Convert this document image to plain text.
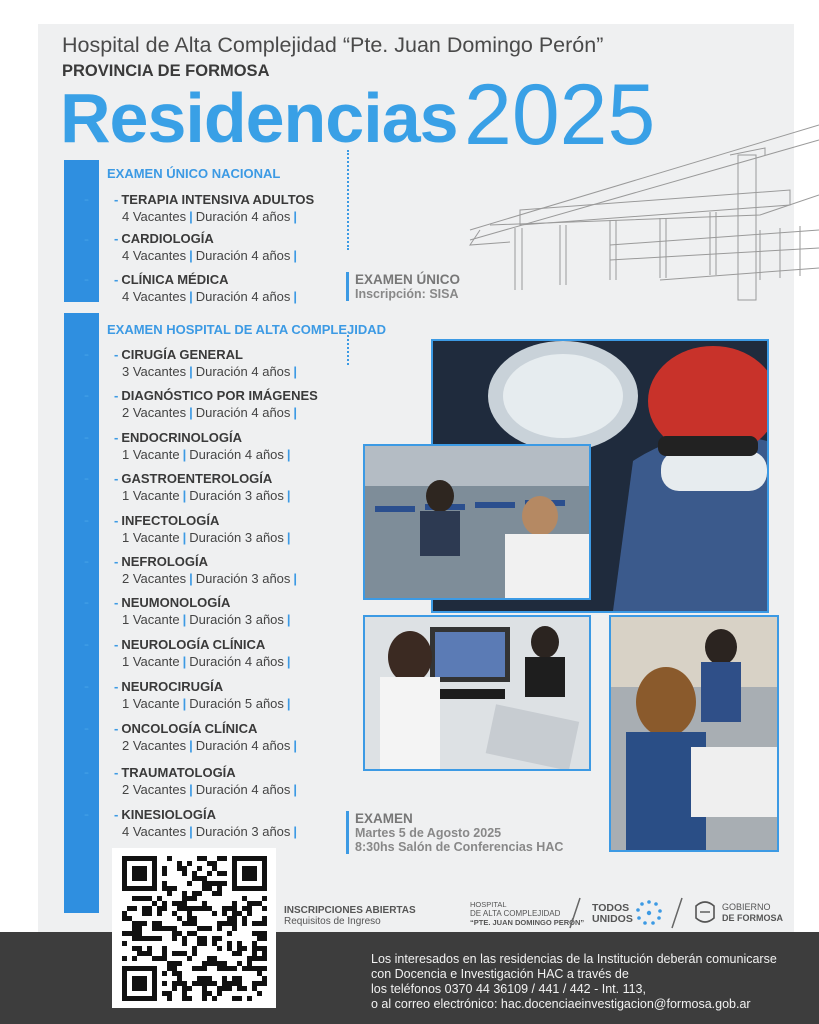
Hospital de Alta Complejidad “Pte. Juan Domingo Perón”
PROVINCIA DE FORMOSA
Residencias 2025
EXAMEN ÚNICO NACIONAL
- - TERAPIA INTENSIVA ADULTOS
4 Vacantes | Duración 4 años |
- - CARDIOLOGÍA
4 Vacantes | Duración 4 años |
- - CLÍNICA MÉDICA
4 Vacantes | Duración 4 años |
EXAMEN ÚNICO
Inscripción: SISA
EXAMEN HOSPITAL DE ALTA COMPLEJIDAD
- - CIRUGÍA GENERAL
3 Vacantes | Duración 4 años |
- - DIAGNÓSTICO POR IMÁGENES
2 Vacantes | Duración 4 años |
- - ENDOCRINOLOGÍA
1 Vacante | Duración 4 años |
- - GASTROENTEROLOGÍA
1 Vacante | Duración 3 años |
- - INFECTOLOGÍA
1 Vacante | Duración 3 años |
- - NEFROLOGÍA
2 Vacantes | Duración 3 años |
- - NEUMONOLOGÍA
1 Vacante | Duración 3 años |
- - NEUROLOGÍA CLÍNICA
1 Vacante | Duración 4 años |
- - NEUROCIRUGÍA
1 Vacante | Duración 5 años |
- - ONCOLOGÍA CLÍNICA
2 Vacantes | Duración 4 años |
- - TRAUMATOLOGÍA
2 Vacantes | Duración 4 años |
- - KINESIOLOGÍA
4 Vacantes | Duración 3 años |
EXAMEN
Martes 5 de Agosto 2025
8:30hs Salón de Conferencias HAC
Los interesados en las residencias de la Institución deberán comunicarse
con Docencia e Investigación HAC a través de
los teléfonos 0370 44 36109 / 441 / 442 - Int. 113,
o al correo electrónico: hac.docenciaeinvestigacion@formosa.gob.ar
INSCRIPCIONES ABIERTAS
Requisitos de Ingreso
HOSPITAL
DE ALTA COMPLEJIDAD
“PTE. JUAN DOMINGO PERÓN”
TODOS
UNIDOS
GOBIERNO
DE FORMOSA
